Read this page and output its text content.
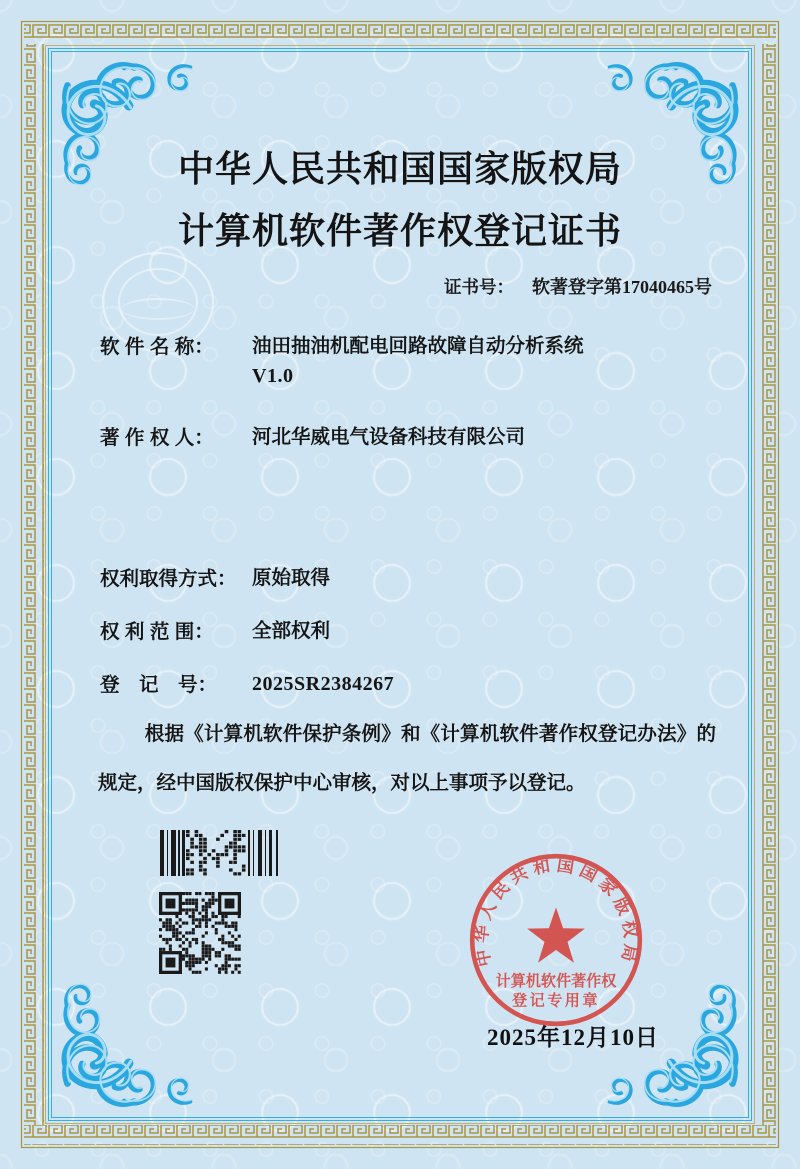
中华人民共和国国家版权局
计算机软件著作权登记证书
证书号： 软著登字第17040465号
软 件 名 称：	油田抽油机配电回路故障自动分析系统
V1.0
著 作 权 人：	河北华威电气设备科技有限公司
权利取得方式： 原始取得
权 利 范 围：	全部权利
登　记　号：	2025SR2384267
根据《计算机软件保护条例》和《计算机软件著作权登记办法》的规定，经中国版权保护中心审核，对以上事项予以登记。
中华人民共和国国家版权局
计算机软件著作权
登记专用章
2025年12月10日
